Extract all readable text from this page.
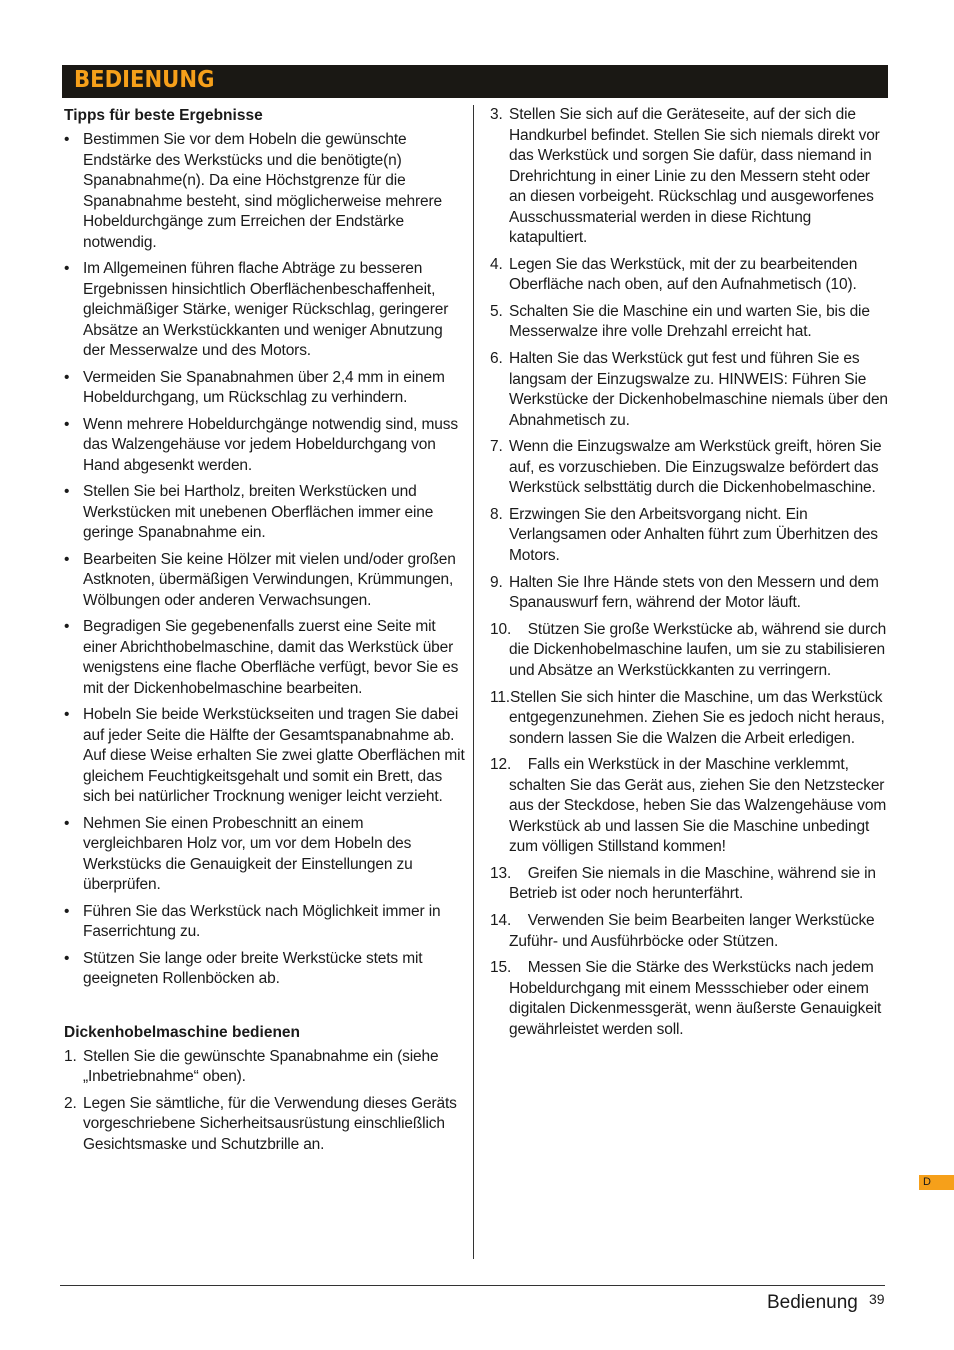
BEDIENUNG
Tipps für beste Ergebnisse
• Bestimmen Sie vor dem Hobeln die gewünschte Endstärke des Werkstücks und die benötigte(n) Spanabnahme(n). Da eine Höchstgrenze für die Spanabnahme besteht, sind möglicherweise mehrere Hobeldurchgänge zum Erreichen der Endstärke notwendig.
• Im Allgemeinen führen flache Abträge zu besseren Ergebnissen hinsichtlich Oberflächenbeschaffenheit, gleichmäßiger Stärke, weniger Rückschlag, geringerer Absätze an Werkstückkanten und weniger Abnutzung der Messerwalze und des Motors.
• Vermeiden Sie Spanabnahmen über 2,4 mm in einem Hobeldurchgang, um Rückschlag zu verhindern.
• Wenn mehrere Hobeldurchgänge notwendig sind, muss das Walzengehäuse vor jedem Hobeldurchgang von Hand abgesenkt werden.
• Stellen Sie bei Hartholz, breiten Werkstücken und Werkstücken mit unebenen Oberflächen immer eine geringe Spanabnahme ein.
• Bearbeiten Sie keine Hölzer mit vielen und/oder großen Astknoten, übermäßigen Verwindungen, Krümmungen, Wölbungen oder anderen Verwachsungen.
• Begradigen Sie gegebenenfalls zuerst eine Seite mit einer Abrichthobelmaschine, damit das Werkstück über wenigstens eine flache Oberfläche verfügt, bevor Sie es mit der Dickenhobelmaschine bearbeiten.
• Hobeln Sie beide Werkstückseiten und tragen Sie dabei auf jeder Seite die Hälfte der Gesamtspanabnahme ab. Auf diese Weise erhalten Sie zwei glatte Oberflächen mit gleichem Feuchtigkeitsgehalt und somit ein Brett, das sich bei natürlicher Trocknung weniger leicht verzieht.
• Nehmen Sie einen Probeschnitt an einem vergleichbaren Holz vor, um vor dem Hobeln des Werkstücks die Genauigkeit der Einstellungen zu überprüfen.
• Führen Sie das Werkstück nach Möglichkeit immer in Faserrichtung zu.
• Stützen Sie lange oder breite Werkstücke stets mit geeigneten Rollenböcken ab.
Dickenhobelmaschine bedienen
1. Stellen Sie die gewünschte Spanabnahme ein (siehe „Inbetriebnahme“ oben).
2. Legen Sie sämtliche, für die Verwendung dieses Geräts vorgeschriebene Sicherheitsausrüstung einschließlich Gesichtsmaske und Schutzbrille an.
3. Stellen Sie sich auf die Geräteseite, auf der sich die Handkurbel befindet. Stellen Sie sich niemals direkt vor das Werkstück und sorgen Sie dafür, dass niemand in Drehrichtung in einer Linie zu den Messern steht oder an diesen vorbeigeht. Rückschlag und ausgeworfenes Ausschussmaterial werden in diese Richtung katapultiert.
4. Legen Sie das Werkstück, mit der zu bearbeitenden Oberfläche nach oben, auf den Aufnahmetisch (10).
5. Schalten Sie die Maschine ein und warten Sie, bis die Messerwalze ihre volle Drehzahl erreicht hat.
6. Halten Sie das Werkstück gut fest und führen Sie es langsam der Einzugswalze zu. HINWEIS: Führen Sie Werkstücke der Dickenhobelmaschine niemals über den Abnahmetisch zu.
7. Wenn die Einzugswalze am Werkstück greift, hören Sie auf, es vorzuschieben. Die Einzugswalze befördert das Werkstück selbsttätig durch die Dickenhobelmaschine.
8. Erzwingen Sie den Arbeitsvorgang nicht. Ein Verlangsamen oder Anhalten führt zum Überhitzen des Motors.
9. Halten Sie Ihre Hände stets von den Messern und dem Spanauswurf fern, während der Motor läuft.
10.    Stützen Sie große Werkstücke ab, während sie durch die Dickenhobelmaschine laufen, um sie zu stabilisieren und Absätze an Werkstückkanten zu verringern.
11.Stellen Sie sich hinter die Maschine, um das Werkstück entgegenzunehmen. Ziehen Sie es jedoch nicht heraus, sondern lassen Sie die Walzen die Arbeit erledigen.
12.    Falls ein Werkstück in der Maschine verklemmt, schalten Sie das Gerät aus, ziehen Sie den Netzstecker aus der Steckdose, heben Sie das Walzengehäuse vom Werkstück ab und lassen Sie die Maschine unbedingt zum völligen Stillstand kommen!
13.    Greifen Sie niemals in die Maschine, während sie in Betrieb ist oder noch herunterfährt.
14.    Verwenden Sie beim Bearbeiten langer Werkstücke Zuführ- und Ausführböcke oder Stützen.
15.    Messen Sie die Stärke des Werkstücks nach jedem Hobeldurchgang mit einem Messschieber oder einem digitalen Dickenmessgerät, wenn äußerste Genauigkeit gewährleistet werden soll.
D
Bedienung 39
